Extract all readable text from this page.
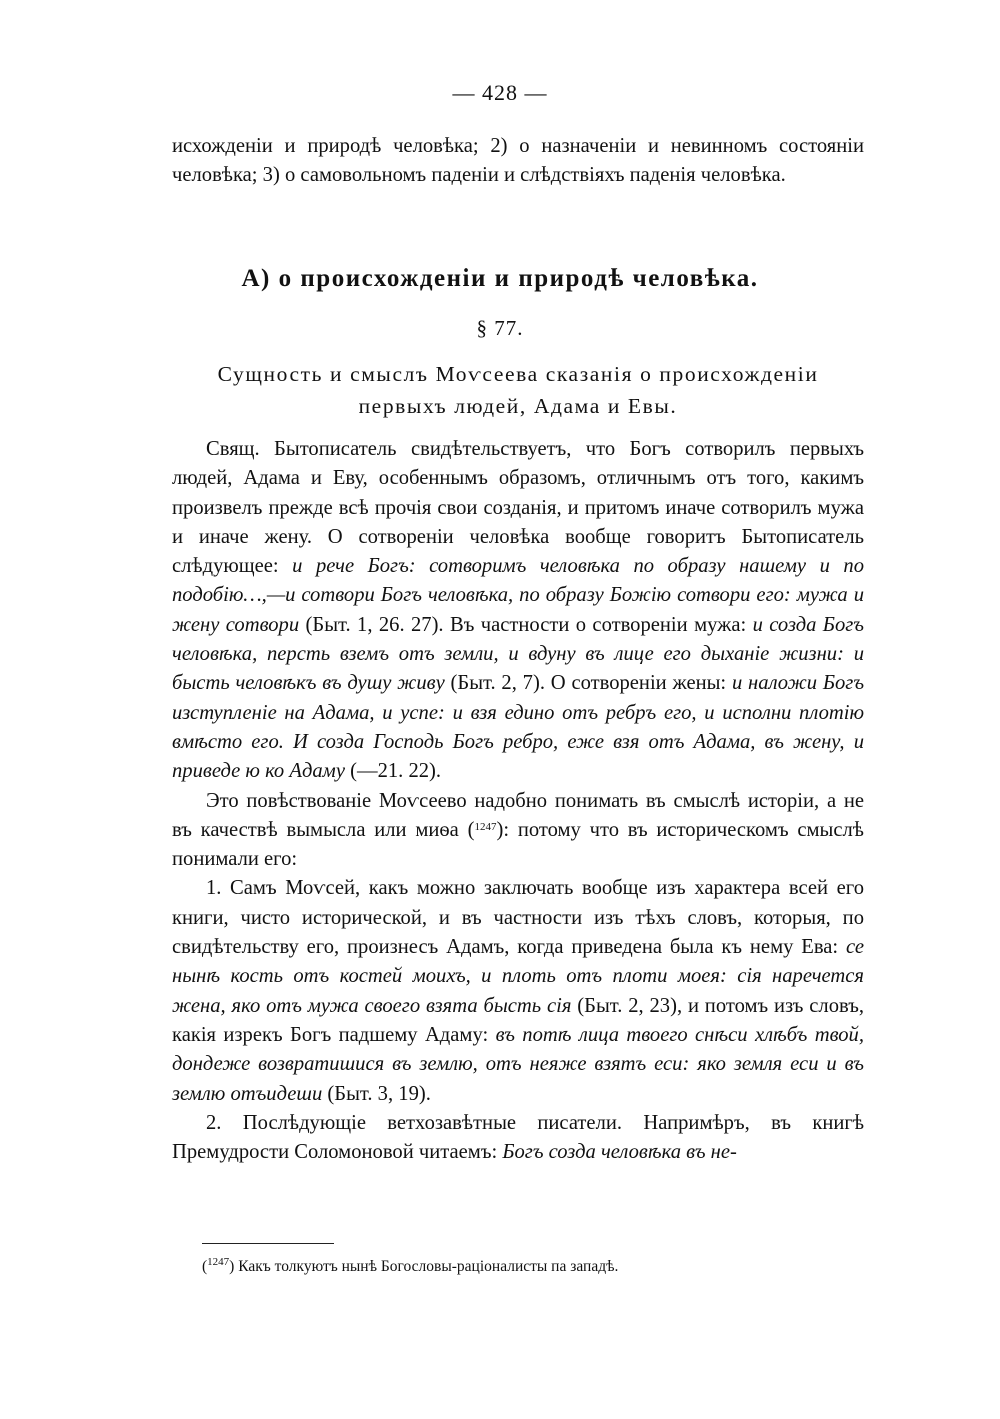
— 428 —

исхожденіи и природѣ человѣка; 2) о назначеніи и невинномъ состояніи человѣка; 3) о самовольномъ паденіи и слѣдствіяхъ паденія человѣка.

А) о происхожденіи и природѣ человѣка.
§ 77.
Сущность и смыслъ Моѵсеева сказанія о происхожденіи первыхъ людей, Адама и Евы.

Свящ. Бытописатель свидѣтельствуетъ, что Богъ сотворилъ первыхъ людей, Адама и Еву, особеннымъ образомъ, отличнымъ отъ того, какимъ произвелъ прежде всѣ прочія свои созданія, и притомъ иначе сотворилъ мужа и иначе жену. О сотвореніи человѣка вообще говоритъ Бытописатель слѣдующее: и рече Богъ: сотворимъ человѣка по образу нашему и по подобію…,—и сотвори Богъ человѣка, по образу Божію сотвори его: мужа и жену сотвори (Быт. 1, 26. 27). Въ частности о сотвореніи мужа: и созда Богъ человѣка, персть вземъ отъ земли, и вдуну въ лице его дыханіе жизни: и бысть человѣкъ въ душу живу (Быт. 2, 7). О сотвореніи жены: и наложи Богъ изступленіе на Адама, и успе: и взя едино отъ ребръ его, и исполни плотію вмѣсто его. И созда Господь Богъ ребро, еже взя отъ Адама, въ жену, и приведе ю ко Адаму (—21. 22).

Это повѣствованіе Моѵсеево надобно понимать въ смыслѣ исторіи, а не въ качествѣ вымысла или миѳа ($^{1247}$): потому что въ историческомъ смыслѣ понимали его:

1. Самъ Моѵсей, какъ можно заключать вообще изъ характера всей его книги, чисто исторической, и въ частности изъ тѣхъ словъ, которыя, по свидѣтельству его, произнесъ Адамъ, когда приведена была къ нему Ева: се нынѣ кость отъ костей моихъ, и плоть отъ плоти моея: сія наречется жена, яко отъ мужа своего взята бысть сія (Быт. 2, 23), и потомъ изъ словъ, какія изрекъ Богъ падшему Адаму: въ потѣ лица твоего снѣси хлѣбъ твой, дондеже возвратишися въ землю, отъ неяже взятъ еси: яко земля еси и въ землю отъидеши (Быт. 3, 19).

2. Послѣдующіе ветхозавѣтные писатели. Напримѣръ, въ книгѣ Премудрости Соломоновой читаемъ: Богъ созда человѣка въ не-

($^{1247}$) Какъ толкуютъ нынѣ Богословы-раціоналисты па западѣ.
